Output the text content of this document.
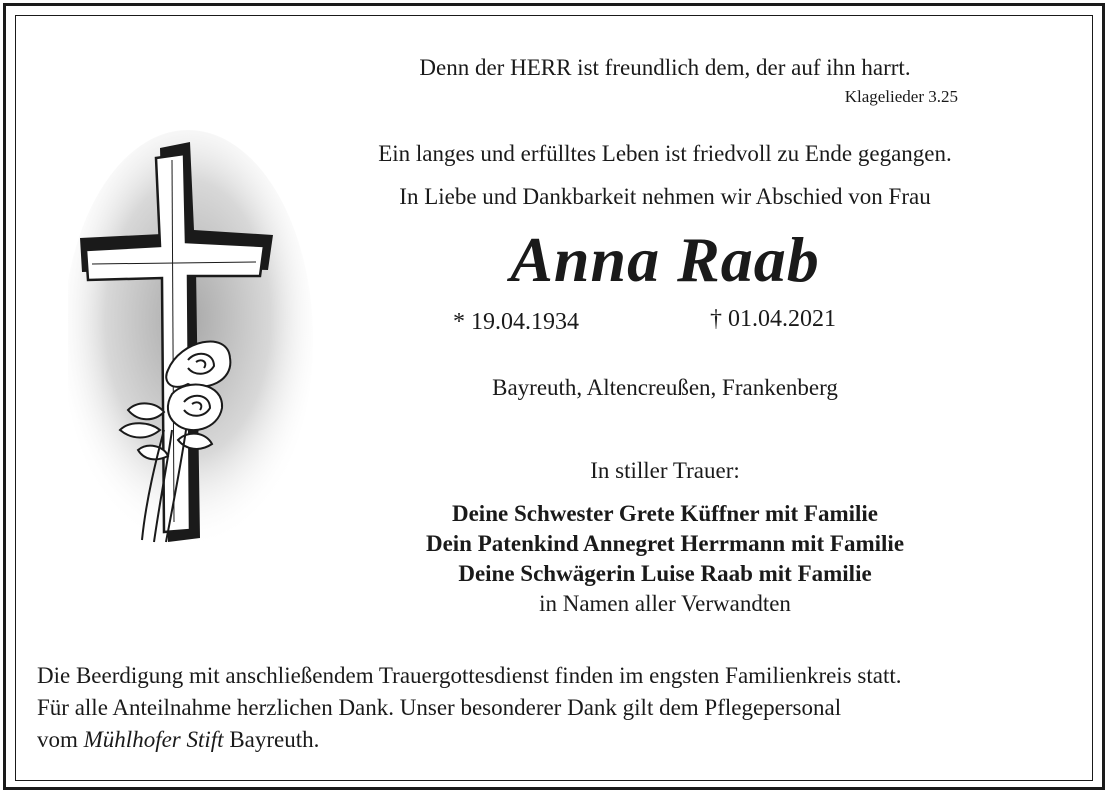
Denn der HERR ist freundlich dem, der auf ihn harrt.
Klagelieder 3.25
Ein langes und erfülltes Leben ist friedvoll zu Ende gegangen.
In Liebe und Dankbarkeit nehmen wir Abschied von Frau
Anna Raab
* 19.04.1934	† 01.04.2021
Bayreuth, Altencreußen, Frankenberg
In stiller Trauer:
Deine Schwester Grete Küffner mit Familie
Dein Patenkind Annegret Herrmann mit Familie
Deine Schwägerin Luise Raab mit Familie
in Namen aller Verwandten
Die Beerdigung mit anschließendem Trauergottesdienst finden im engsten Familienkreis statt.
Für alle Anteilnahme herzlichen Dank. Unser besonderer Dank gilt dem Pflegepersonal
vom Mühlhofer Stift Bayreuth.
